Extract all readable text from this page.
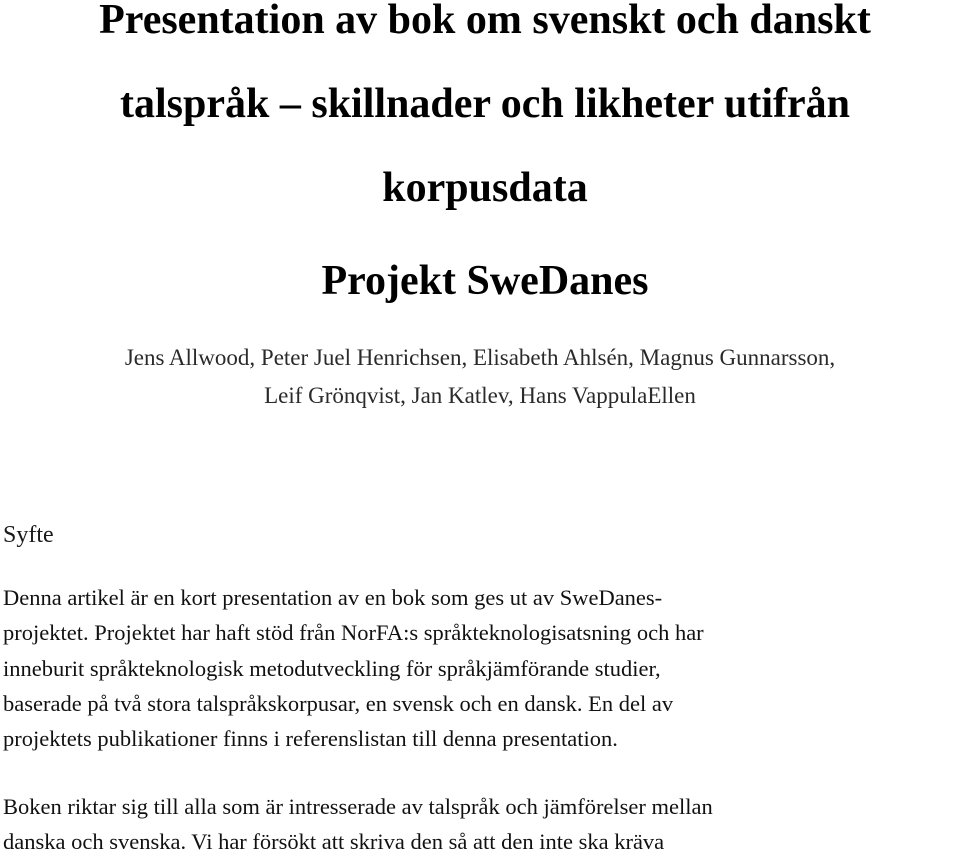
Presentation av bok om svenskt och danskt
talspråk – skillnader och likheter utifrån
korpusdata
Projekt SweDanes
Jens Allwood, Peter Juel Henrichsen, Elisabeth Ahlsén, Magnus Gunnarsson,
Leif Grönqvist, Jan Katlev, Hans VappulaEllen
Syfte

Denna artikel är en kort presentation av en bok som ges ut av SweDanes-
projektet. Projektet har haft stöd från NorFA:s språkteknologisatsning och har
inneburit språkteknologisk metodutveckling för språkjämförande studier,
baserade på två stora talspråkskorpusar, en svensk och en dansk. En del av
projektets publikationer finns i referenslistan till denna presentation.

Boken riktar sig till alla som är intresserade av talspråk och jämförelser mellan
danska och svenska. Vi har försökt att skriva den så att den inte ska kräva
